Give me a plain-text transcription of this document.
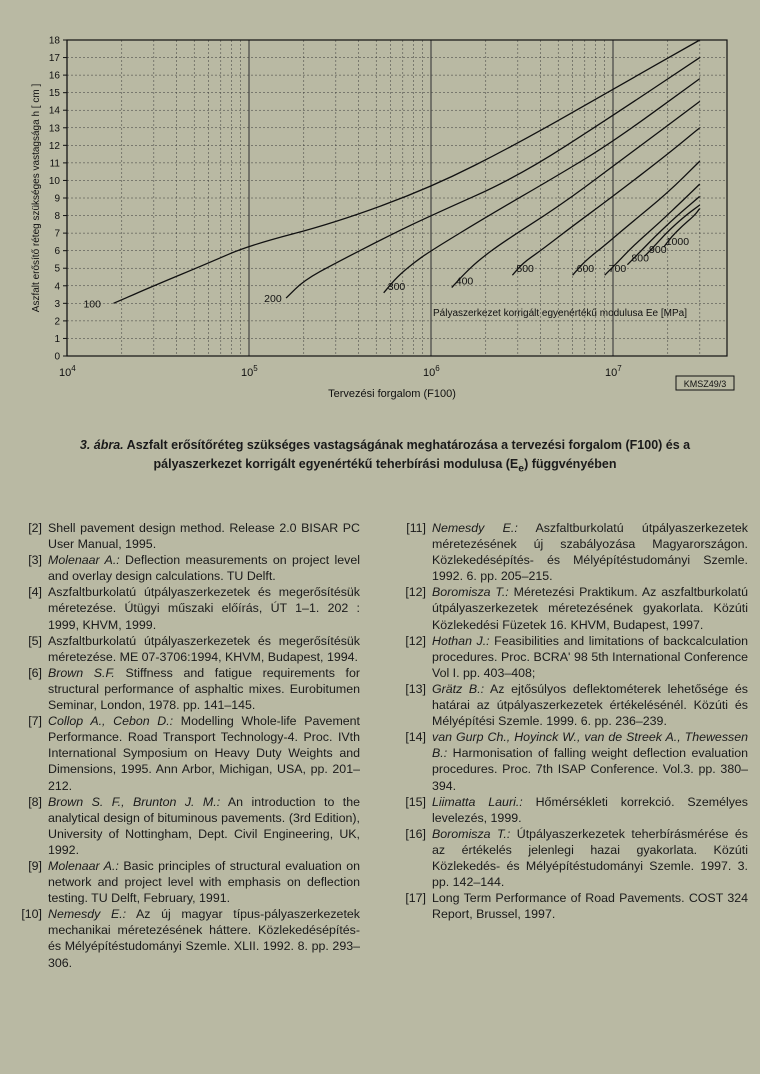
0
1
2
3
4
5
6
7
8
9
10
11
12
13
14
15
16
17
18
$10^4$	$10^5$	$10^6$	$10^7$
Tervezési forgalom (F100)
Aszfalt erősítő réteg szükséges vastagsága h [ cm ]	100	200
300	400
500	600 700
800
900
1000
Pályaszerkezet korrigált egyenértékű modulusa Ee [MPa]
KMSZ49/3
3. ábra. Aszfalt erősítőréteg szükséges vastagságának meghatározása a tervezési forgalom (F100) és a
pályaszerkezet korrigált egyenértékű teherbírási modulusa $(E_e)$ függvényében
[2] Shell pavement design method. Release 2.0 BISAR PC User Manual, 1995.
[3] Molenaar A.: Deflection measurements on project level and overlay design calculations. TU Delft.
[4] Aszfaltburkolatú útpályaszerkezetek és megerősítésük méretezése. Útügyi műszaki előírás, ÚT 1–1. 202 : 1999, KHVM, 1999.
[5] Aszfaltburkolatú útpályaszerkezetek és megerősítésük méretezése. ME 07-3706:1994, KHVM, Budapest, 1994.
[6] Brown S.F. Stiffness and fatigue requirements for structural performance of asphaltic mixes. Eurobitumen Seminar, London, 1978. pp. 141–145.
[7] Collop A., Cebon D.: Modelling Whole-life Pavement Performance. Road Transport Technology-4. Proc. IVth International Symposium on Heavy Duty Weights and Dimensions, 1995. Ann Arbor, Michigan, USA, pp. 201–212.
[8] Brown S. F., Brunton J. M.: An introduction to the analytical design of bituminous pavements. (3rd Edition), University of Nottingham, Dept. Civil Engineering, UK, 1992.
[9] Molenaar A.: Basic principles of structural evaluation on network and project level with emphasis on deflection testing. TU Delft, February, 1991.
[10] Nemesdy E.: Az új magyar típus-pályaszerkezetek mechanikai méretezésének háttere. Közlekedésépítés- és Mélyépítéstudományi Szemle. XLII. 1992. 8. pp. 293–306.
[11] Nemesdy E.: Aszfaltburkolatú útpályaszerkezetek méretezésének új szabályozása Magyarországon. Közlekedésépítés- és Mélyépítéstudományi Szemle. 1992. 6. pp. 205–215.
[12] Boromisza T.: Méretezési Praktikum. Az aszfaltburkolatú útpályaszerkezetek méretezésének gyakorlata. Közúti Közlekedési Füzetek 16. KHVM, Budapest, 1997.
[12] Hothan J.: Feasibilities and limitations of backcalculation procedures. Proc. BCRA' 98 5th International Conference Vol I. pp. 403–408;
[13] Grätz B.: Az ejtősúlyos deflektométerek lehetősége és határai az útpályaszerkezetek értékelésénél. Közúti és Mélyépítési Szemle. 1999. 6. pp. 236–239.
[14] van Gurp Ch., Hoyinck W., van de Streek A., Thewessen B.: Harmonisation of falling weight deflection evaluation procedures. Proc. 7th ISAP Conference. Vol.3. pp. 380–394.
[15] Liimatta Lauri.: Hőmérsékleti korrekció. Személyes levelezés, 1999.
[16] Boromisza T.: Útpályaszerkezetek teherbírásmérése és az értékelés jelenlegi hazai gyakorlata. Közúti Közlekedés- és Mélyépítéstudományi Szemle. 1997. 3. pp. 142–144.
[17] Long Term Performance of Road Pavements. COST 324 Report, Brussel, 1997.
